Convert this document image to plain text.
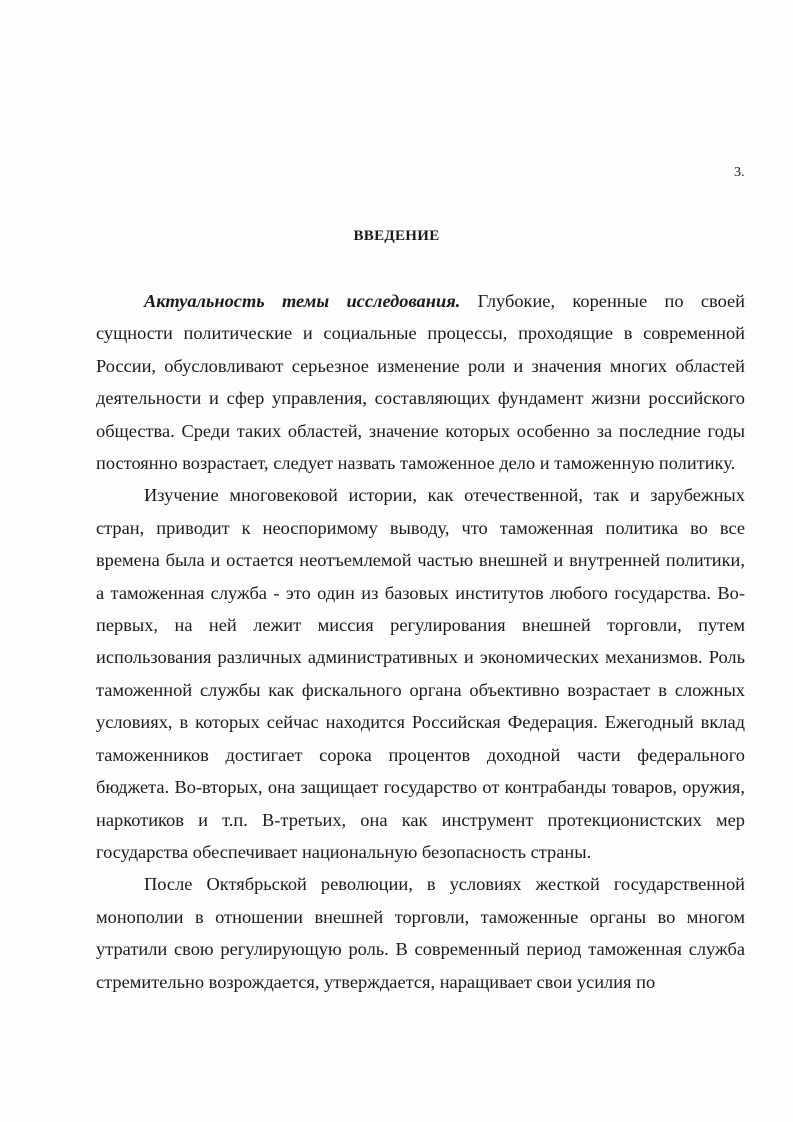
3.
ВВЕДЕНИЕ

Актуальность темы исследования. Глубокие, коренные по своей сущности политические и социальные процессы, проходящие в современной России, обусловливают серьезное изменение роли и значения многих областей деятельности и сфер управления, составляющих фундамент жизни российского общества. Среди таких областей, значение которых особенно за последние годы постоянно возрастает, следует назвать таможенное дело и таможенную политику.

Изучение многовековой истории, как отечественной, так и зарубежных стран, приводит к неоспоримому выводу, что таможенная политика во все времена была и остается неотъемлемой частью внешней и внутренней политики, а таможенная служба - это один из базовых институтов любого государства. Во-первых, на ней лежит миссия регулирования внешней торговли, путем использования различных административных и экономических механизмов. Роль таможенной службы как фискального органа объективно возрастает в сложных условиях, в которых сейчас находится Российская Федерация. Ежегодный вклад таможенников достигает сорока процентов доходной части федерального бюджета. Во-вторых, она защищает государство от контрабанды товаров, оружия, наркотиков и т.п. В-третьих, она как инструмент протекционистских мер государства обеспечивает национальную безопасность страны.

После Октябрьской революции, в условиях жесткой государственной монополии в отношении внешней торговли, таможенные органы во многом утратили свою регулирующую роль. В современный период таможенная служба стремительно возрождается, утверждается, наращивает свои усилия по
